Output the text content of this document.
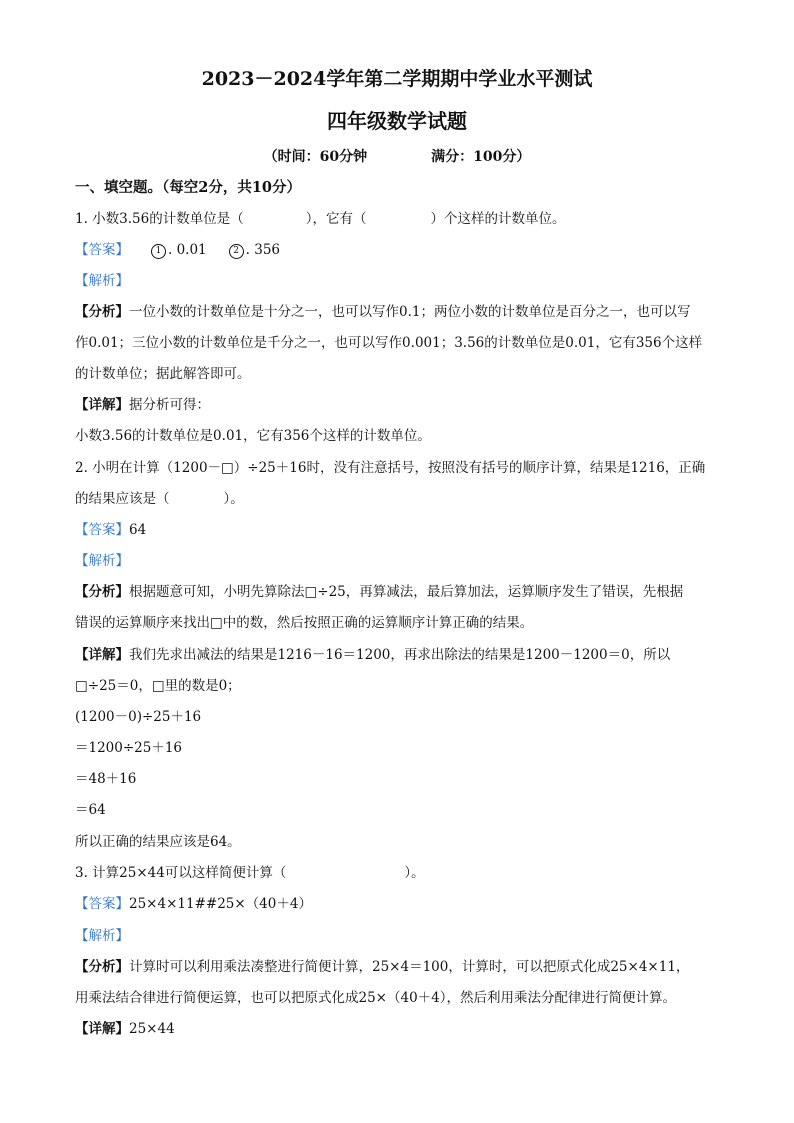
2023－2024学年第二学期期中学业水平测试
四年级数学试题
（时间：60分钟	满分：100分）
一、填空题。（每空2分，共10分）
1. 小数3.56的计数单位是（	），它有（	）个这样的计数单位。
【答案】	1 . 0.01	2 . 356
【解析】
【分析】一位小数的计数单位是十分之一，也可以写作0.1；两位小数的计数单位是百分之一，也可以写
作0.01；三位小数的计数单位是千分之一，也可以写作0.001；3.56的计数单位是0.01，它有356个这样
的计数单位；据此解答即可。
【详解】据分析可得：
小数3.56的计数单位是0.01，它有356个这样的计数单位。
2. 小明在计算（1200－□）÷25＋16时，没有注意括号，按照没有括号的顺序计算，结果是1216，正确
的结果应该是（	）。
【答案】64
【解析】
【分析】根据题意可知，小明先算除法□÷25，再算减法，最后算加法，运算顺序发生了错误，先根据
错误的运算顺序来找出□中的数，然后按照正确的运算顺序计算正确的结果。
【详解】我们先求出减法的结果是1216－16＝1200，再求出除法的结果是1200－1200＝0，所以
□÷25＝0，□里的数是0；
(1200－0)÷25＋16
＝1200÷25＋16
＝48＋16
＝64
所以正确的结果应该是64。
3. 计算25×44可以这样简便计算（	）。
【答案】25×4×11##25×（40＋4）
【解析】
【分析】计算时可以利用乘法凑整进行简便计算，25×4＝100，计算时，可以把原式化成25×4×11，
用乘法结合律进行简便运算，也可以把原式化成25×（40＋4），然后利用乘法分配律进行简便计算。
【详解】25×44
